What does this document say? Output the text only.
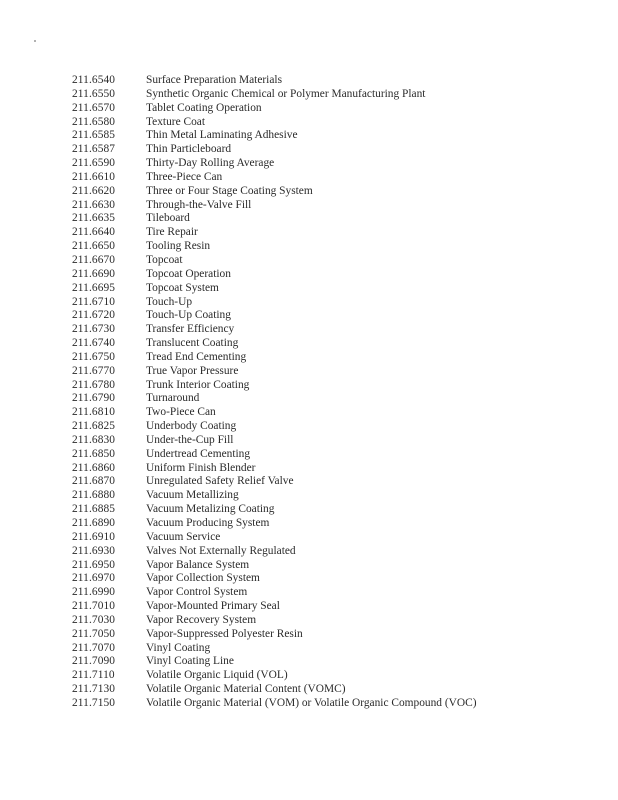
211.6540	Surface Preparation Materials
211.6550	Synthetic Organic Chemical or Polymer Manufacturing Plant
211.6570	Tablet Coating Operation
211.6580	Texture Coat
211.6585	Thin Metal Laminating Adhesive
211.6587	Thin Particleboard
211.6590	Thirty-Day Rolling Average
211.6610	Three-Piece Can
211.6620	Three or Four Stage Coating System
211.6630	Through-the-Valve Fill
211.6635	Tileboard
211.6640	Tire Repair
211.6650	Tooling Resin
211.6670	Topcoat
211.6690	Topcoat Operation
211.6695	Topcoat System
211.6710	Touch-Up
211.6720	Touch-Up Coating
211.6730	Transfer Efficiency
211.6740	Translucent Coating
211.6750	Tread End Cementing
211.6770	True Vapor Pressure
211.6780	Trunk Interior Coating
211.6790	Turnaround
211.6810	Two-Piece Can
211.6825	Underbody Coating
211.6830	Under-the-Cup Fill
211.6850	Undertread Cementing
211.6860	Uniform Finish Blender
211.6870	Unregulated Safety Relief Valve
211.6880	Vacuum Metallizing
211.6885	Vacuum Metalizing Coating
211.6890	Vacuum Producing System
211.6910	Vacuum Service
211.6930	Valves Not Externally Regulated
211.6950	Vapor Balance System
211.6970	Vapor Collection System
211.6990	Vapor Control System
211.7010	Vapor-Mounted Primary Seal
211.7030	Vapor Recovery System
211.7050	Vapor-Suppressed Polyester Resin
211.7070	Vinyl Coating
211.7090	Vinyl Coating Line
211.7110	Volatile Organic Liquid (VOL)
211.7130	Volatile Organic Material Content (VOMC)
211.7150	Volatile Organic Material (VOM) or Volatile Organic Compound (VOC)
